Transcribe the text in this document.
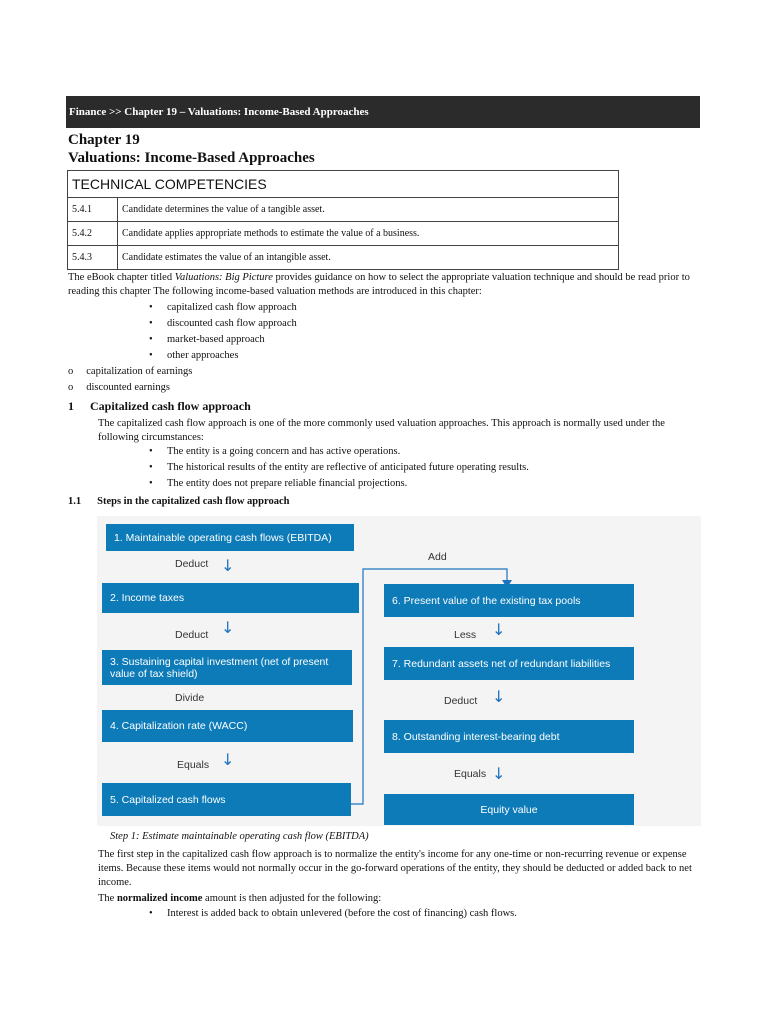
Finance >> Chapter 19 – Valuations: Income-Based Approaches
Chapter 19
Valuations: Income-Based Approaches
TECHNICAL COMPETENCIES	
5.4.1	Candidate determines the value of a tangible asset.
5.4.2	Candidate applies appropriate methods to estimate the value of a business.
5.4.3	Candidate estimates the value of an intangible asset.
The eBook chapter titled Valuations: Big Picture provides guidance on how to select the appropriate valuation technique and should be read prior to reading this chapter The following income-based valuation methods are introduced in this chapter:
• capitalized cash flow approach
• discounted cash flow approach
• market-based approach
• other approaches
o capitalization of earnings
o discounted earnings
1 Capitalized cash flow approach
The capitalized cash flow approach is one of the more commonly used valuation approaches. This approach is normally used under the following circumstances:
• The entity is a going concern and has active operations.
• The historical results of the entity are reflective of anticipated future operating results.
• The entity does not prepare reliable financial projections.
1.1 Steps in the capitalized cash flow approach
1. Maintainable operating cash flows (EBITDA)
Deduct ↓
2. Income taxes
Deduct ↓
3. Sustaining capital investment (net of present value of tax shield)
Divide
4. Capitalization rate (WACC)
Equals ↓
5. Capitalized cash flows
Add
6. Present value of the existing tax pools
Less ↓
7. Redundant assets net of redundant liabilities
Deduct ↓
8. Outstanding interest-bearing debt
Equals ↓
Equity value
Step 1: Estimate maintainable operating cash flow (EBITDA)
The first step in the capitalized cash flow approach is to normalize the entity's income for any one-time or non-recurring revenue or expense items. Because these items would not normally occur in the go-forward operations of the entity, they should be deducted or added back to net income.
The normalized income amount is then adjusted for the following:
• Interest is added back to obtain unlevered (before the cost of financing) cash flows.
